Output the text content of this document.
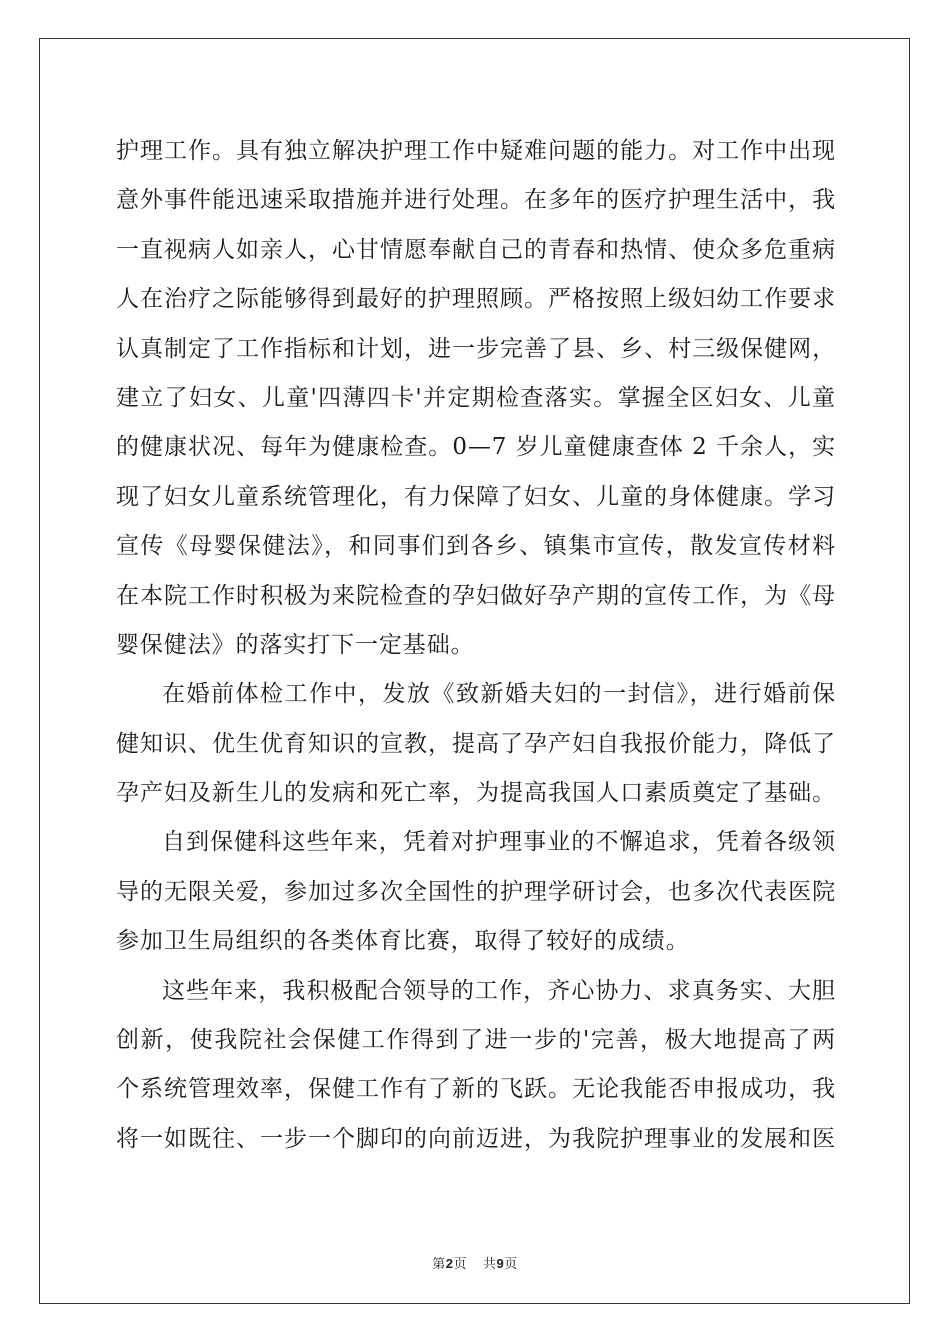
护理工作。具有独立解决护理工作中疑难问题的能力。对工作中出现
意外事件能迅速采取措施并进行处理。在多年的医疗护理生活中，我
一直视病人如亲人，心甘情愿奉献自己的青春和热情、使众多危重病
人在治疗之际能够得到最好的护理照顾。严格按照上级妇幼工作要求
认真制定了工作指标和计划，进一步完善了县、乡、村三级保健网，
建立了妇女、儿童'四薄四卡'并定期检查落实。掌握全区妇女、儿童
的健康状况、每年为健康检查。0—7 岁儿童健康查体 2 千余人，实
现了妇女儿童系统管理化，有力保障了妇女、儿童的身体健康。学习
宣传《母婴保健法》，和同事们到各乡、镇集市宣传，散发宣传材料
在本院工作时积极为来院检查的孕妇做好孕产期的宣传工作，为《母
婴保健法》的落实打下一定基础。
在婚前体检工作中，发放《致新婚夫妇的一封信》，进行婚前保
健知识、优生优育知识的宣教，提高了孕产妇自我报价能力，降低了
孕产妇及新生儿的发病和死亡率，为提高我国人口素质奠定了基础。
自到保健科这些年来，凭着对护理事业的不懈追求，凭着各级领
导的无限关爱，参加过多次全国性的护理学研讨会，也多次代表医院
参加卫生局组织的各类体育比赛，取得了较好的成绩。
这些年来，我积极配合领导的工作，齐心协力、求真务实、大胆
创新，使我院社会保健工作得到了进一步的'完善，极大地提高了两
个系统管理效率，保健工作有了新的飞跃。无论我能否申报成功，我
将一如既往、一步一个脚印的向前迈进，为我院护理事业的发展和医
第2页 共9页
